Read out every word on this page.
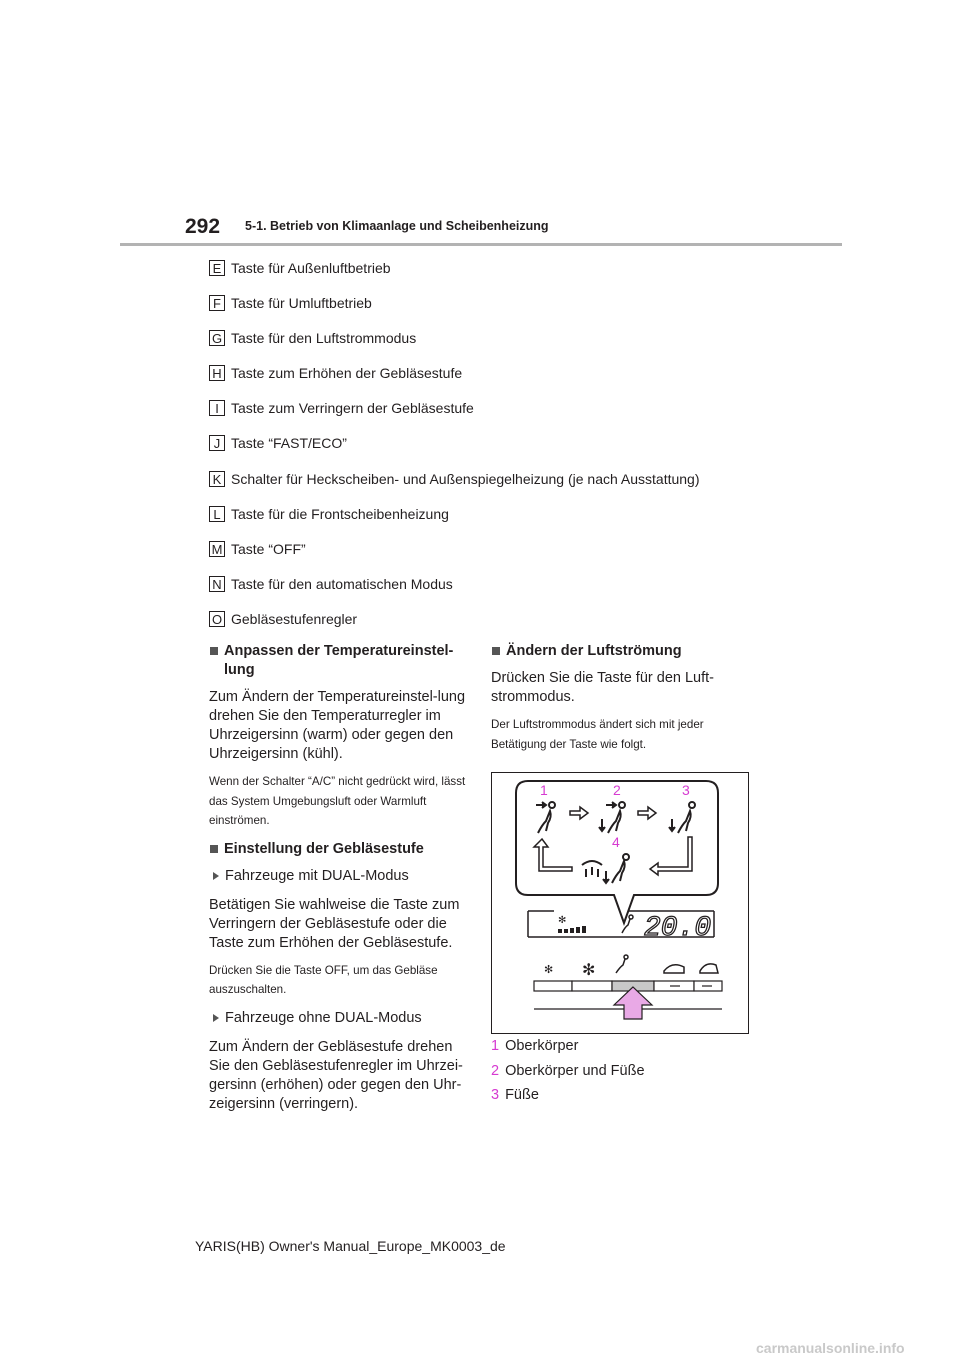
292 5-1. Betrieb von Klimaanlage und Scheibenheizung
E Taste für Außenluftbetrieb
F Taste für Umluftbetrieb
G Taste für den Luftstrommodus
H Taste zum Erhöhen der Gebläsestufe
I Taste zum Verringern der Gebläsestufe
J Taste “FAST/ECO”
K Schalter für Heckscheiben- und Außenspiegelheizung (je nach Ausstattung)
L Taste für die Frontscheibenheizung
M Taste “OFF”
N Taste für den automatischen Modus
O Gebläsestufenregler

Anpassen der Temperatureinstel-lung

Zum Ändern der Temperatureinstel-lung drehen Sie den Temperaturregler im Uhrzeigersinn (warm) oder gegen den Uhrzeigersinn (kühl).

Wenn der Schalter “A/C” nicht gedrückt wird, lässt das System Umgebungsluft oder Warmluft einströmen.

Einstellung der Gebläsestufe

Fahrzeuge mit DUAL-Modus

Betätigen Sie wahlweise die Taste zum Verringern der Gebläsestufe oder die Taste zum Erhöhen der Gebläsestufe.

Drücken Sie die Taste OFF, um das Gebläse auszuschalten.

Fahrzeuge ohne DUAL-Modus

Zum Ändern der Gebläsestufe drehen Sie den Gebläsestufenregler im Uhrzei-gersinn (erhöhen) oder gegen den Uhr-zeigersinn (verringern).

Ändern der Luftströmung

Drücken Sie die Taste für den Luft-strommodus.

Der Luftstrommodus ändert sich mit jeder Betätigung der Taste wie folgt.

1	2	3
4
✻	20.0
✻ ✻

1 Oberkörper

2 Oberkörper und Füße

3 Füße

YARIS(HB) Owner's Manual_Europe_MK0003_de
carmanualsonline.info
